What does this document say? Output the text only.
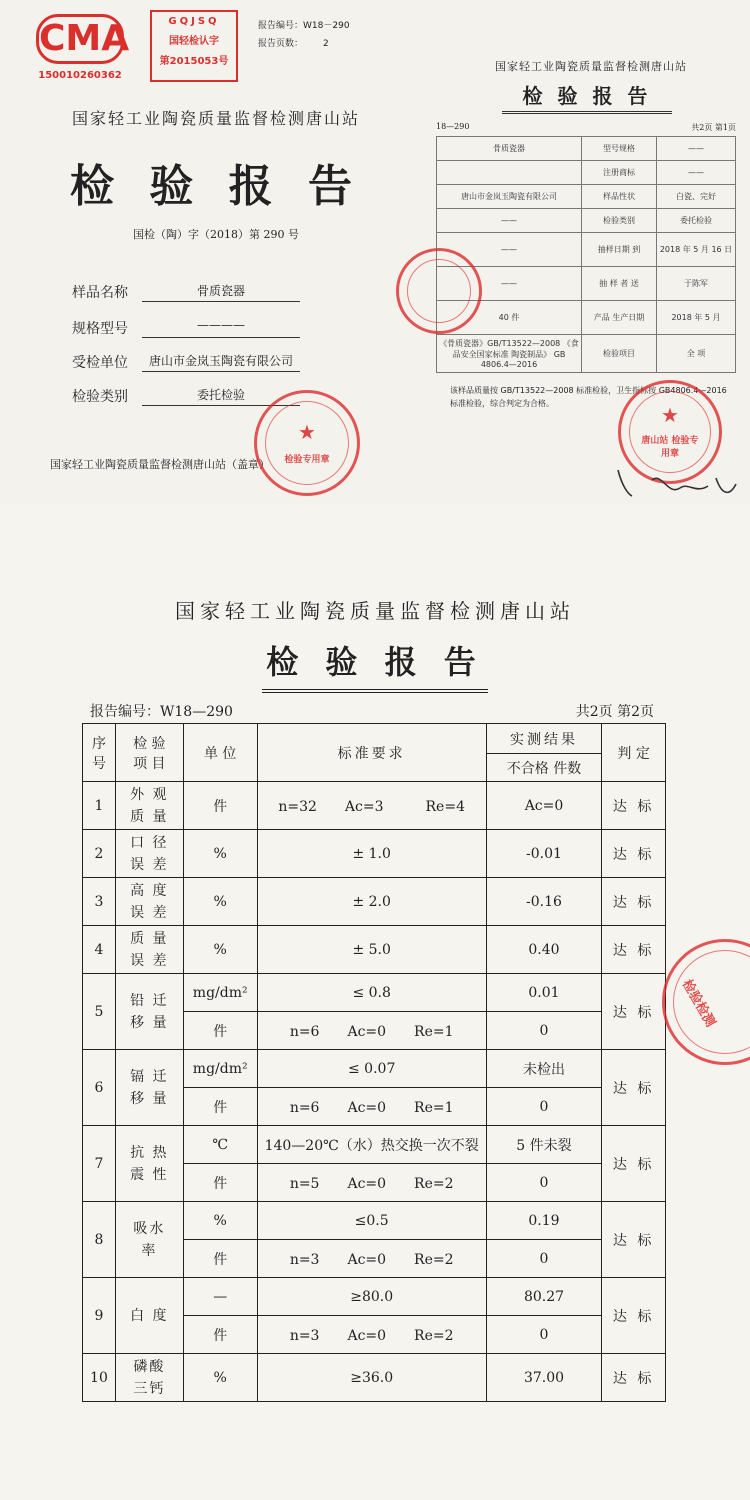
CMA
150010260362
GQJSQ
国轻检认字
第2015053号
报告编号：W18－290
报告页数： 2
国家轻工业陶瓷质量监督检测唐山站
检 验 报 告
国检（陶）字（2018）第 290 号
样品名称	骨质瓷器
规格型号	————
受检单位	唐山市金岚玉陶瓷有限公司
检验类别	委托检验
国家轻工业陶瓷质量监督检测唐山站（盖章）
★
检验专用章
国家轻工业陶瓷质量监督检测唐山站
检 验 报 告
18—290	共2页 第1页
骨质瓷器	型号规格	——
	注册商标	——
唐山市金岚玉陶瓷有限公司	样品性状	白瓷、完好
——	检验类别	委托检验
——	抽样日期 到	2018 年 5 月 16 日
——	抽 样 者 送	于陈军
40 件	产品 生产日期	2018 年 5 月
《骨质瓷器》GB/T13522—2008 《食品安全国家标准 陶瓷制品》 GB 4806.4—2016	检验项目	全 项
该样品质量按 GB/T13522—2008 标准检验，卫生指标按 GB4806.4—2016 标准检验，综合判定为合格。	★
唐山站 检验专用章
国家轻工业陶瓷质量监督检测唐山站
检 验 报 告
报告编号：W18—290	共2页 第2页
序 号	检 验 项 目	单 位	标准要求	实测结果	判 定
				不合格 件数	
1	外 观 质 量	件	n=32　　Ac=3　　　Re=4	Ac=0	达 标
2	口 径 误 差	%	± 1.0	-0.01	达 标
3	高 度 误 差	%	± 2.0	-0.16	达 标
4	质 量 误 差	%	± 5.0	0.40	达 标
5	铅 迁 移 量	mg/dm²	≤ 0.8	0.01	达 标
		件	n=6　　Ac=0　　Re=1	0	
6	镉 迁 移 量	mg/dm²	≤ 0.07	未检出	达 标
		件	n=6　　Ac=0　　Re=1	0	
7	抗 热 震 性	℃	140—20℃（水）热交换一次不裂	5 件未裂	达 标
		件	n=5　　Ac=0　　Re=2	0	
8	吸水率	%	≤0.5	0.19	达 标
		件	n=3　　Ac=0　　Re=2	0	
9	白 度	—	≥80.0	80.27	达 标
		件	n=3　　Ac=0　　Re=2	0	
10	磷酸 三钙	%	≥36.0	37.00	达 标
检验检测
